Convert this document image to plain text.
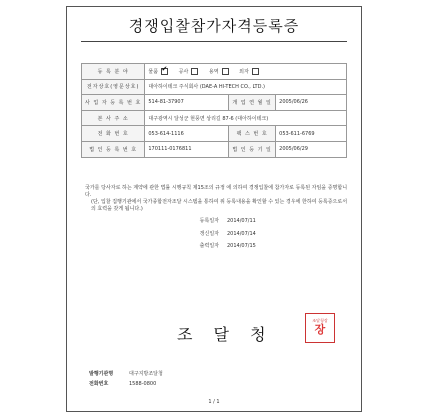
경쟁입찰참가자격등록증
등 록 분 야	물품 ✔ 공사 용역 외자
전자상호(영문상호)	대아하이테크 주식회사 (DAE-A HI-TECH CO., LTD.)		
사 업 자 등 록 번 호	514-81-37907	개 업 연 월 일	2005/06/26
본 사 주 소	대구광역시 달성군 현풍면 상리길 87-6 (대아하이테크)		
전 화 번 호	053-614-1116	팩 스 번 호	053-611-6769
법 인 등 록 번 호	170111-0176811	법 인 등 기 일	2005/06/29
국가를 당사자로 하는 계약에 관한 법률 시행규칙 제15조의 규정 에 의하여 경쟁입찰에 참가자로 등록된 자임을 증명합니다.
(단, 입찰 집행기관에서 국가종합전자조달 시스템을 통하여 위 등록내용을 확인할 수 있는 경우에 한하여 등록증으로서의 효력을 갖게 됩니다.)
등록일자 2014/07/11
갱신일자 2014/07/14
출력일자 2014/07/15
조 달 청
조달청장
장
발행기관명	대구지방조달청
전화번호	1588-0800
1 / 1
